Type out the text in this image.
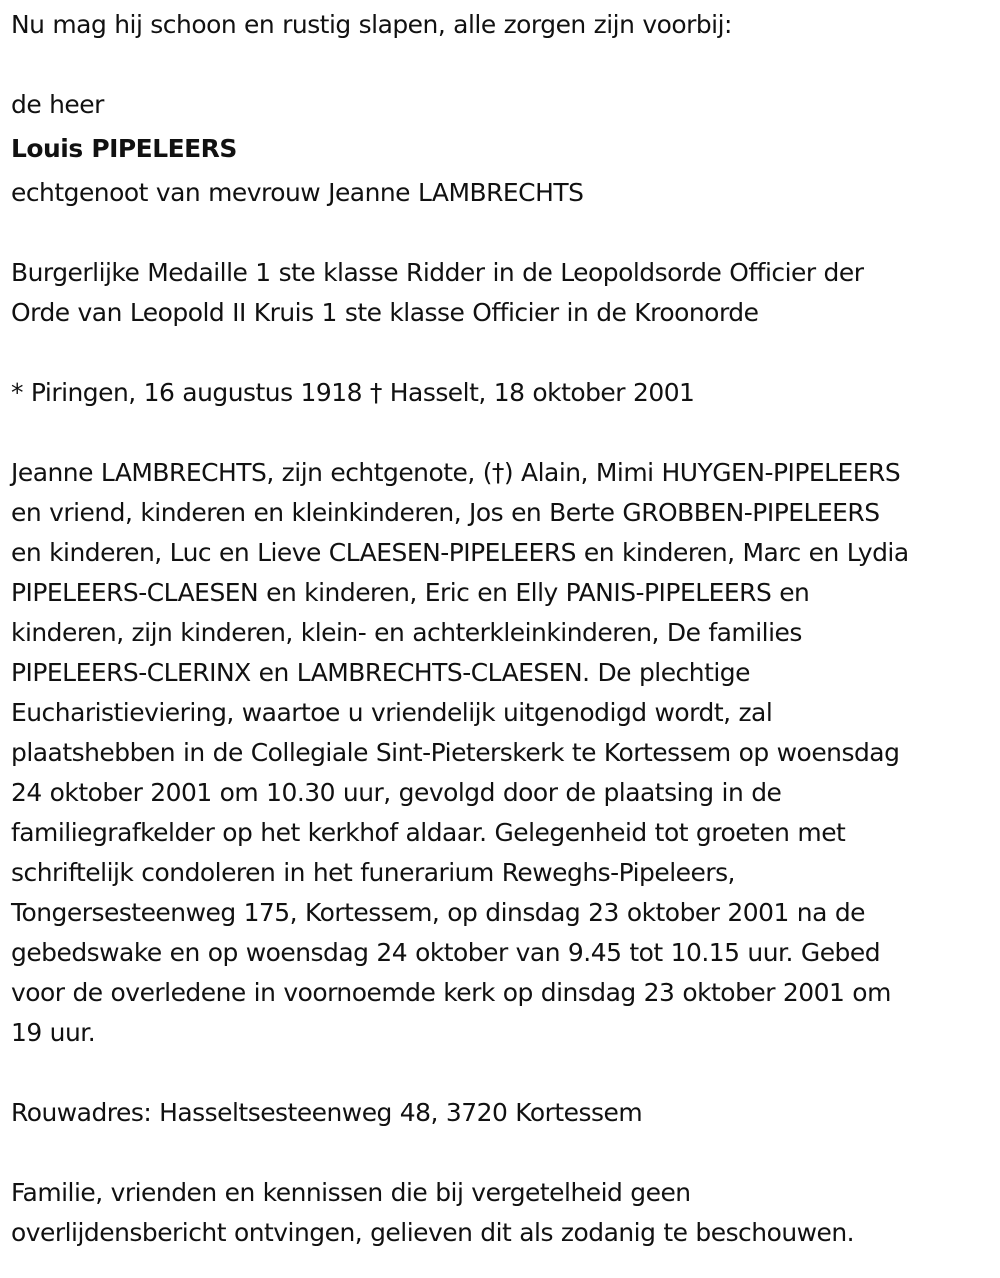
Nu mag hij schoon en rustig slapen, alle zorgen zijn voorbij:
de heer
Louis PIPELEERS
echtgenoot van mevrouw Jeanne LAMBRECHTS
Burgerlijke Medaille 1 ste klasse Ridder in de Leopoldsorde Officier der
Orde van Leopold II Kruis 1 ste klasse Officier in de Kroonorde
* Piringen, 16 augustus 1918 † Hasselt, 18 oktober 2001
Jeanne LAMBRECHTS, zijn echtgenote, (†) Alain, Mimi HUYGEN-PIPELEERS
en vriend, kinderen en kleinkinderen, Jos en Berte GROBBEN-PIPELEERS
en kinderen, Luc en Lieve CLAESEN-PIPELEERS en kinderen, Marc en Lydia
PIPELEERS-CLAESEN en kinderen, Eric en Elly PANIS-PIPELEERS en
kinderen, zijn kinderen, klein- en achterkleinkinderen, De families
PIPELEERS-CLERINX en LAMBRECHTS-CLAESEN. De plechtige
Eucharistieviering, waartoe u vriendelijk uitgenodigd wordt, zal
plaatshebben in de Collegiale Sint-Pieterskerk te Kortessem op woensdag
24 oktober 2001 om 10.30 uur, gevolgd door de plaatsing in de
familiegrafkelder op het kerkhof aldaar. Gelegenheid tot groeten met
schriftelijk condoleren in het funerarium Reweghs-Pipeleers,
Tongersesteenweg 175, Kortessem, op dinsdag 23 oktober 2001 na de
gebedswake en op woensdag 24 oktober van 9.45 tot 10.15 uur. Gebed
voor de overledene in voornoemde kerk op dinsdag 23 oktober 2001 om
19 uur.
Rouwadres: Hasseltsesteenweg 48, 3720 Kortessem
Familie, vrienden en kennissen die bij vergetelheid geen
overlijdensbericht ontvingen, gelieven dit als zodanig te beschouwen.
